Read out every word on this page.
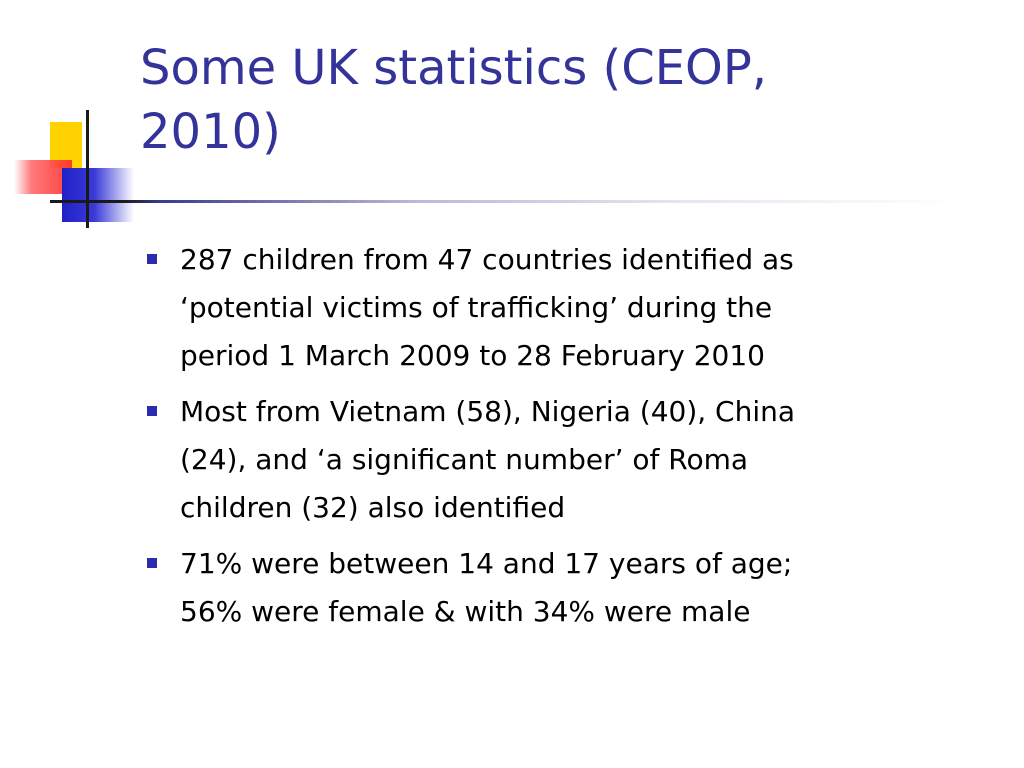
Some UK statistics (CEOP,
2010)
287 children from 47 countries identified as
‘potential victims of trafficking’ during the
period 1 March 2009 to 28 February 2010
Most from Vietnam (58), Nigeria (40), China
(24), and ‘a significant number’ of Roma
children (32) also identified
71% were between 14 and 17 years of age;
56% were female & with 34% were male
